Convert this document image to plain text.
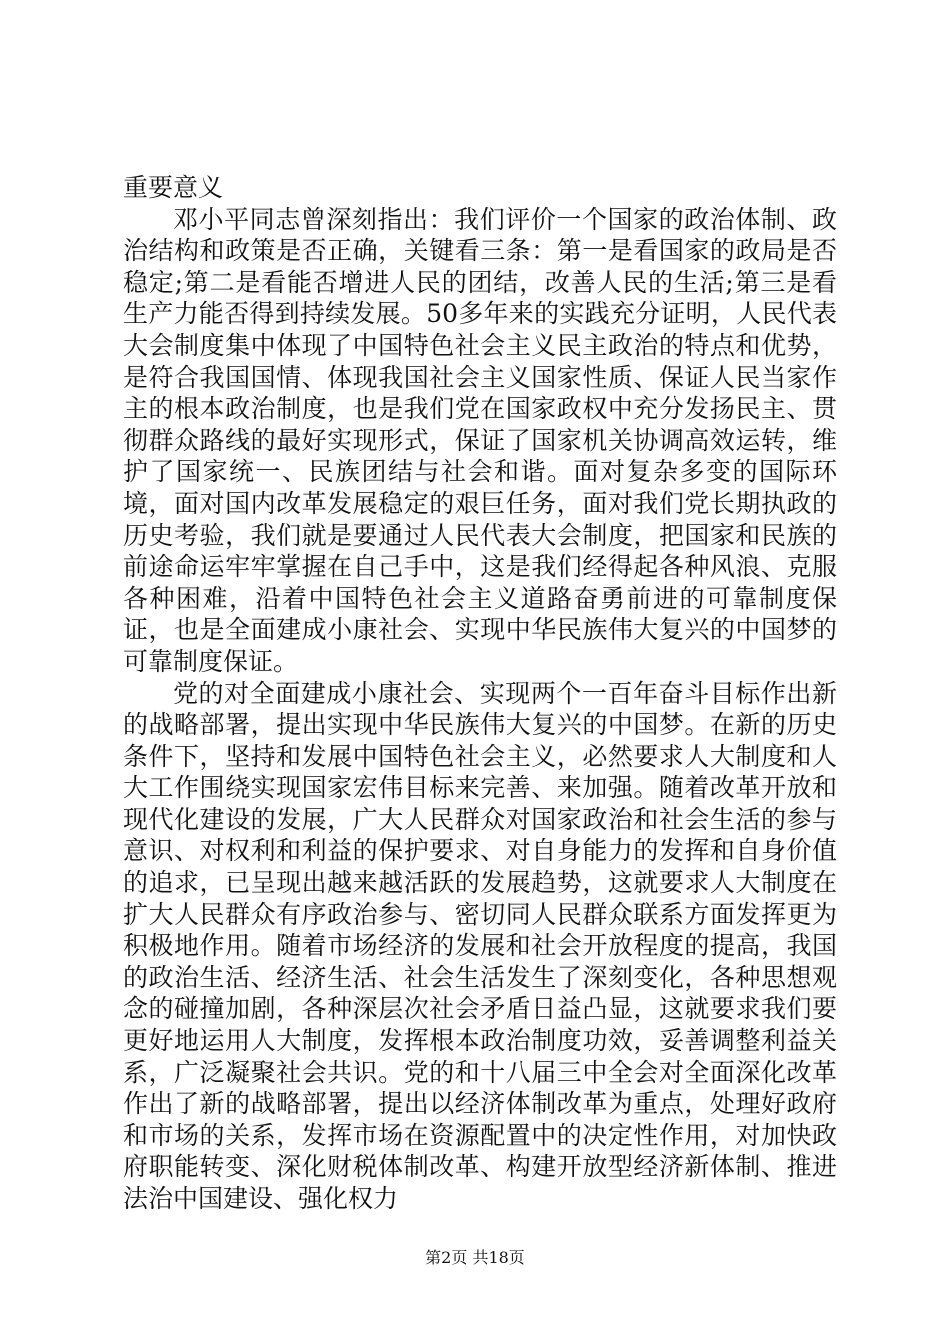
重要意义

邓小平同志曾深刻指出：我们评价一个国家的政治体制、政治结构和政策是否正确，关键看三条：第一是看国家的政局是否稳定;第二是看能否增进人民的团结，改善人民的生活;第三是看生产力能否得到持续发展。50多年来的实践充分证明，人民代表大会制度集中体现了中国特色社会主义民主政治的特点和优势，是符合我国国情、体现我国社会主义国家性质、保证人民当家作主的根本政治制度，也是我们党在国家政权中充分发扬民主、贯彻群众路线的最好实现形式，保证了国家机关协调高效运转，维护了国家统一、民族团结与社会和谐。面对复杂多变的国际环境，面对国内改革发展稳定的艰巨任务，面对我们党长期执政的历史考验，我们就是要通过人民代表大会制度，把国家和民族的前途命运牢牢掌握在自己手中，这是我们经得起各种风浪、克服各种困难，沿着中国特色社会主义道路奋勇前进的可靠制度保证，也是全面建成小康社会、实现中华民族伟大复兴的中国梦的可靠制度保证。

党的对全面建成小康社会、实现两个一百年奋斗目标作出新的战略部署，提出实现中华民族伟大复兴的中国梦。在新的历史条件下，坚持和发展中国特色社会主义，必然要求人大制度和人大工作围绕实现国家宏伟目标来完善、来加强。随着改革开放和现代化建设的发展，广大人民群众对国家政治和社会生活的参与意识、对权利和利益的保护要求、对自身能力的发挥和自身价值的追求，已呈现出越来越活跃的发展趋势，这就要求人大制度在扩大人民群众有序政治参与、密切同人民群众联系方面发挥更为积极地作用。随着市场经济的发展和社会开放程度的提高，我国的政治生活、经济生活、社会生活发生了深刻变化，各种思想观念的碰撞加剧，各种深层次社会矛盾日益凸显，这就要求我们要更好地运用人大制度，发挥根本政治制度功效，妥善调整利益关系，广泛凝聚社会共识。党的和十八届三中全会对全面深化改革作出了新的战略部署，提出以经济体制改革为重点，处理好政府和市场的关系，发挥市场在资源配置中的决定性作用，对加快政府职能转变、深化财税体制改革、构建开放型经济新体制、推进法治中国建设、强化权力

第2页 共18页
